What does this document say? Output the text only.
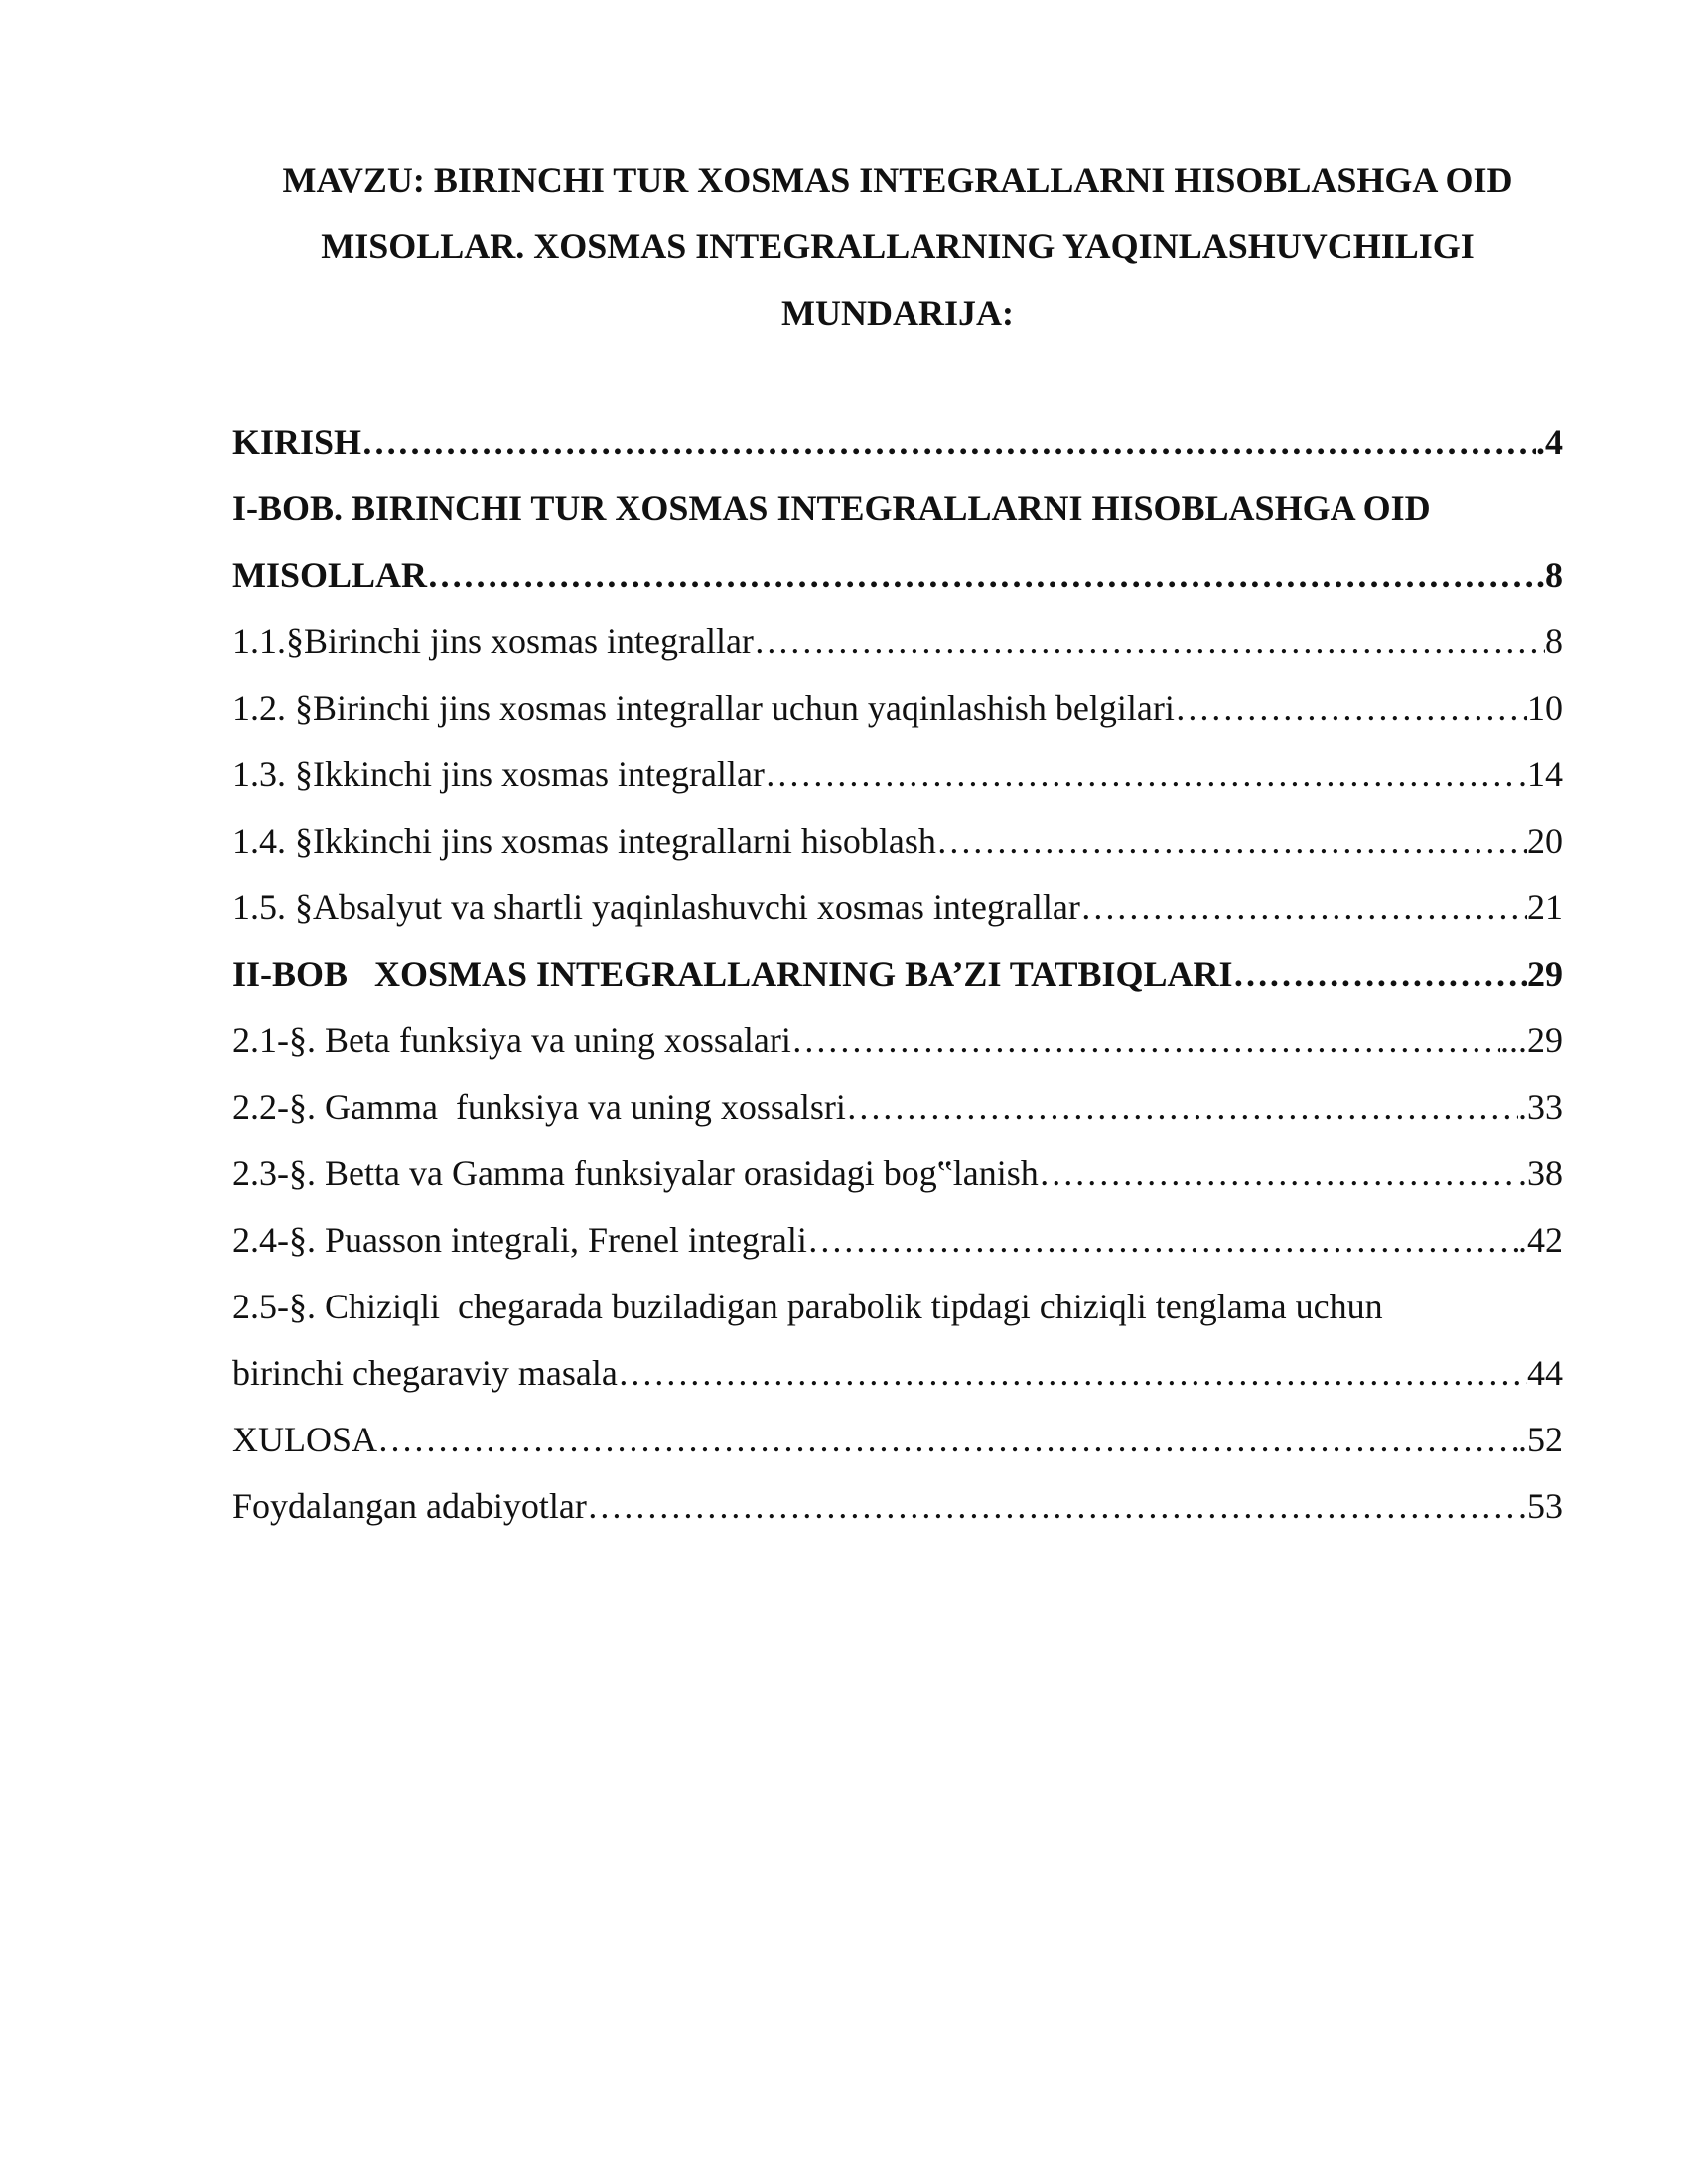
MAVZU: BIRINCHI TUR XOSMAS INTEGRALLARNI HISOBLASHGA OID
MISOLLAR. XOSMAS INTEGRALLARNING YAQINLASHUVCHILIGI
MUNDARIJA:
KIRISH …………………………………………………………………………………………………………………………………………………………………………	.4
I-BOB. BIRINCHI TUR XOSMAS INTEGRALLARNI HISOBLASHGA OID
MISOLLAR …………………………………………………………………………………………………………………………………………………………………………	.8
1.1.§Birinchi jins xosmas integrallar …………………………………………………………………………………………………………………………………………………………………………	8
1.2. §Birinchi jins xosmas integrallar uchun yaqinlashish belgilari …………………………………………………………………………………………………………………………………………………………………………	10
1.3. §Ikkinchi jins xosmas integrallar …………………………………………………………………………………………………………………………………………………………………………	.14
1.4. §Ikkinchi jins xosmas integrallarni hisoblash …………………………………………………………………………………………………………………………………………………………………………	20
1.5. §Absalyut va shartli yaqinlashuvchi xosmas integrallar …………………………………………………………………………………………………………………………………………………………………………	21
II-BOB   XOSMAS INTEGRALLARNING BA’ZI TATBIQLARI …………………………………………………………………………………………………………………………………………………………………………	29
2.1-§. Beta funksiya va uning xossalari …………………………………………………………………………………………………………………………………………………………………………	...29
2.2-§. Gamma  funksiya va uning xossalsri …………………………………………………………………………………………………………………………………………………………………………	.33
2.3-§. Betta va Gamma funksiyalar orasidagi bog‟lanish …………………………………………………………………………………………………………………………………………………………………………	.38
2.4-§. Puasson integrali, Frenel integrali …………………………………………………………………………………………………………………………………………………………………………	.42
2.5-§. Chiziqli  chegarada buziladigan parabolik tipdagi chiziqli tenglama uchun
birinchi chegaraviy masala …………………………………………………………………………………………………………………………………………………………………………	44
XULOSA …………………………………………………………………………………………………………………………………………………………………………	.52
Foydalangan adabiyotlar …………………………………………………………………………………………………………………………………………………………………………	.53
